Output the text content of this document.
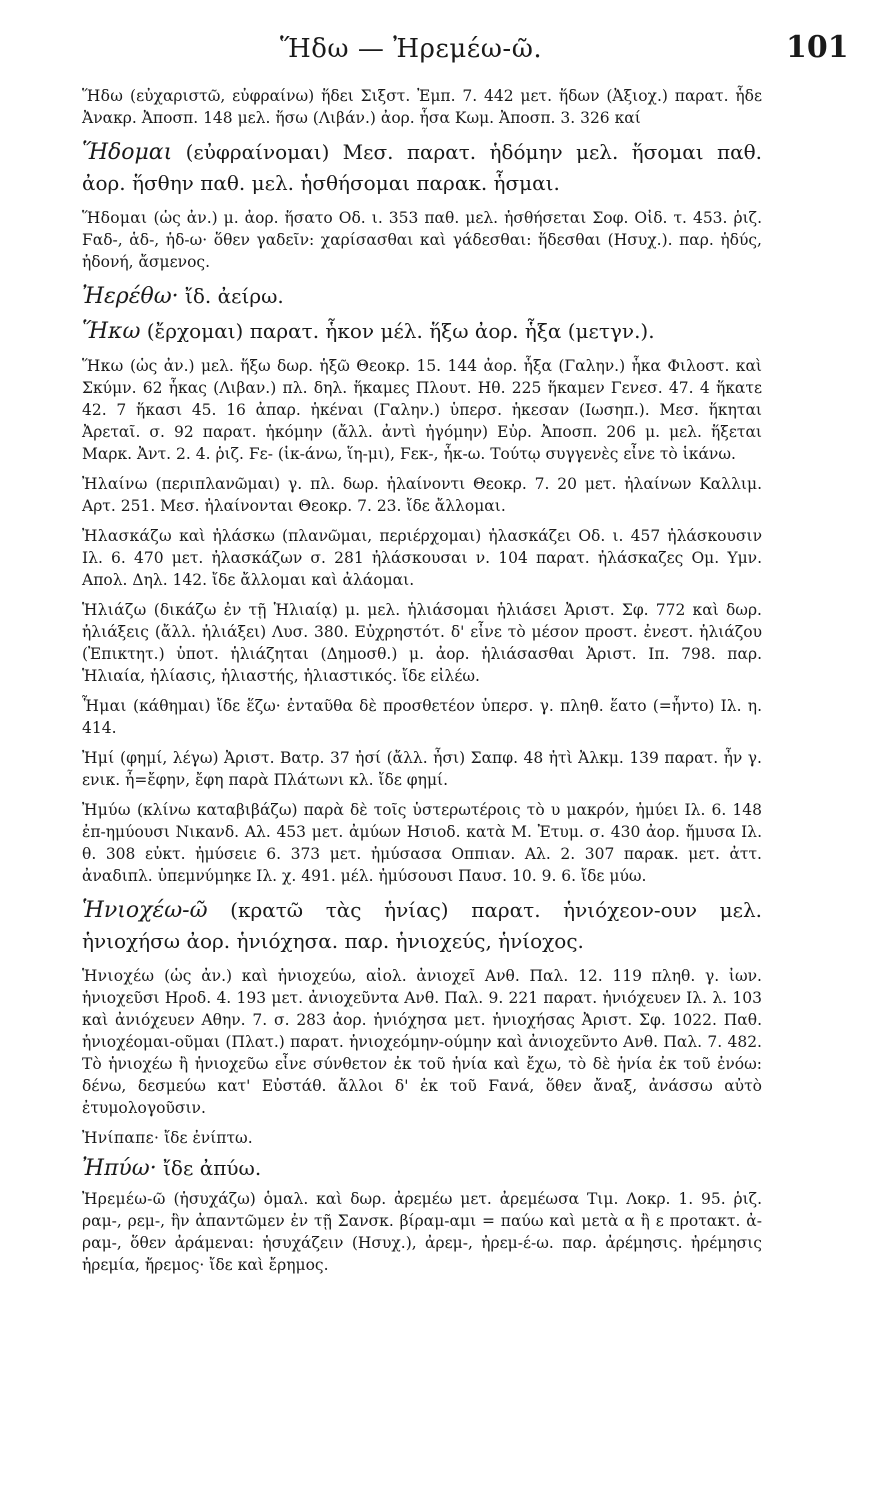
Ἥδω — Ἠρεμέω-ῶ.	101

Ἥδω (εὐχαριστῶ, εὐφραίνω) ἥδει Σιξστ. Ἐμπ. 7. 442 μετ. ἥδων (Ἀξιοχ.) παρατ. ἧδε Ἀνακρ. Ἀποσπ. 148 μελ. ἥσω (Λιβάν.) ἀορ. ἧσα Κωμ. Ἀποσπ. 3. 326 καί

Ἥδομαι (εὐφραίνομαι) Μεσ. παρατ. ἡδόμην μελ. ἥσομαι παθ. ἀορ. ἥσθην παθ. μελ. ἡσθήσομαι παρακ. ἧσμαι.

Ἥδομαι (ὡς ἀν.) μ. ἀορ. ἥσατο Οδ. ι. 353 παθ. μελ. ἡσθήσεται Σοφ. Οἰδ. τ. 453. ῥιζ. Ϝαδ-, ἁδ-, ἡδ-ω· ὅθεν γαδεῖν: χαρίσασθαι καὶ γάδεσθαι: ἥδεσθαι (Ησυχ.). παρ. ἡδύς, ἡδονή, ἄσμενος.

Ἠερέθω· ἴδ. ἀείρω.

Ἥκω (ἔρχομαι) παρατ. ἧκον μέλ. ἥξω ἀορ. ἧξα (μετγν.).

Ἥκω (ὡς ἀν.) μελ. ἥξω δωρ. ἡξῶ Θεοκρ. 15. 144 ἀορ. ἧξα (Γαλην.) ἧκα Φιλοστ. καὶ Σκύμν. 62 ἧκας (Λιβαν.) πλ. δηλ. ἥκαμες Πλουτ. Ηθ. 225 ἥκαμεν Γενεσ. 47. 4 ἥκατε 42. 7 ἥκασι 45. 16 ἀπαρ. ἡκέναι (Γαλην.) ὑπερσ. ἡκεσαν (Ιωσηπ.). Μεσ. ἥκηται Ἀρεταῖ. σ. 92 παρατ. ἡκόμην (ἄλλ. ἀντὶ ἠγόμην) Εὐρ. Ἀποσπ. 206 μ. μελ. ἥξεται Μαρκ. Ἀντ. 2. 4. ῥιζ. Ϝε- (ἱκ-άνω, ἵη-μι), Ϝεκ-, ἧκ-ω. Τούτῳ συγγενὲς εἶνε τὸ ἱκάνω.

Ἠλαίνω (περιπλανῶμαι) γ. πλ. δωρ. ἠλαίνοντι Θεοκρ. 7. 20 μετ. ἠλαίνων Καλλιμ. Αρτ. 251. Μεσ. ἠλαίνονται Θεοκρ. 7. 23. ἴδε ἄλλομαι.

Ἠλασκάζω καὶ ἠλάσκω (πλανῶμαι, περιέρχομαι) ἠλασκάζει Οδ. ι. 457 ἠλάσκουσιν Ιλ. 6. 470 μετ. ἠλασκάζων σ. 281 ἠλάσκουσαι ν. 104 παρατ. ἠλάσκαζες Ομ. Υμν. Απολ. Δηλ. 142. ἴδε ἄλλομαι καὶ ἀλάομαι.

Ἡλιάζω (δικάζω ἐν τῇ Ἡλιαίᾳ) μ. μελ. ἡλιάσομαι ἡλιάσει Ἀριστ. Σφ. 772 καὶ δωρ. ἡλιάξεις (ἄλλ. ἡλιάξει) Λυσ. 380. Εὐχρηστότ. δ' εἶνε τὸ μέσον προστ. ἐνεστ. ἡλιάζου (Ἐπικτητ.) ὑποτ. ἡλιάζηται (Δημοσθ.) μ. ἀορ. ἡλιάσασθαι Ἀριστ. Ιπ. 798. παρ. Ἡλιαία, ἡλίασις, ἡλιαστής, ἡλιαστικός. ἴδε εἰλέω.

Ἧμαι (κάθημαι) ἴδε ἕζω· ἐνταῦθα δὲ προσθετέον ὑπερσ. γ. πληθ. ἕατο (=ἧντο) Ιλ. η. 414.

Ἠμί (φημί, λέγω) Ἀριστ. Βατρ. 37 ἠσί (ἄλλ. ἦσι) Σαπφ. 48 ἠτὶ Ἀλκμ. 139 παρατ. ἦν γ. ενικ. ἦ=ἔφην, ἔφη παρὰ Πλάτωνι κλ. ἴδε φημί.

Ἠμύω (κλίνω καταβιβάζω) παρὰ δὲ τοῖς ὑστερωτέροις τὸ υ μακρόν, ἠμύει Ιλ. 6. 148 ἐπ-ημύουσι Νικανδ. Αλ. 453 μετ. ἀμύων Ησιοδ. κατὰ Μ. Ἐτυμ. σ. 430 ἀορ. ἤμυσα Ιλ. θ. 308 εὐκτ. ἠμύσειε 6. 373 μετ. ἠμύσασα Οππιαν. Αλ. 2. 307 παρακ. μετ. ἀττ. ἀναδιπλ. ὑπεμνύμηκε Ιλ. χ. 491. μέλ. ἠμύσουσι Παυσ. 10. 9. 6. ἴδε μύω.

Ἡνιοχέω-ῶ (κρατῶ τὰς ἡνίας) παρατ. ἡνιόχεον-ουν μελ. ἡνιοχήσω ἀορ. ἡνιόχησα. παρ. ἡνιοχεύς, ἡνίοχος.

Ἡνιοχέω (ὡς ἀν.) καὶ ἡνιοχεύω, αἰολ. ἀνιοχεῖ Ανθ. Παλ. 12. 119 πληθ. γ. ἰων. ἡνιοχεῦσι Ηροδ. 4. 193 μετ. ἀνιοχεῦντα Ανθ. Παλ. 9. 221 παρατ. ἡνιόχευεν Ιλ. λ. 103 καὶ ἀνιόχευεν Αθην. 7. σ. 283 ἀορ. ἡνιόχησα μετ. ἡνιοχήσας Ἀριστ. Σφ. 1022. Παθ. ἡνιοχέομαι-οῦμαι (Πλατ.) παρατ. ἡνιοχεόμην-ούμην καὶ ἀνιοχεῦντο Ανθ. Παλ. 7. 482. Τὸ ἡνιοχέω ἢ ἡνιοχεῦω εἶνε σύνθετον ἐκ τοῦ ἡνία καὶ ἔχω, τὸ δὲ ἡνία ἐκ τοῦ ἐνόω: δένω, δεσμεύω κατ' Εὐστάθ. ἄλλοι δ' ἐκ τοῦ Ϝανά, ὅθεν ἄναξ, ἀνάσσω αὐτὸ ἐτυμολογοῦσιν.

Ἠνίπαπε· ἴδε ἐνίπτω.

Ἠπύω· ἴδε ἀπύω.

Ἠρεμέω-ῶ (ἡσυχάζω) ὁμαλ. καὶ δωρ. ἀρεμέω μετ. ἀρεμέωσα Τιμ. Λοκρ. 1. 95. ῥιζ. ραμ-, ρεμ-, ἣν ἀπαντῶμεν ἐν τῇ Σανσκ. βίραμ-αμι = παύω καὶ μετὰ α ἢ ε προτακτ. ἀ-ραμ-, ὅθεν ἀράμεναι: ἡσυχάζειν (Ησυχ.), ἀρεμ-, ἠρεμ-έ-ω. παρ. ἀρέμησις. ἠρέμησις ἠρεμία, ἤρεμος· ἴδε καὶ ἔρημος.
